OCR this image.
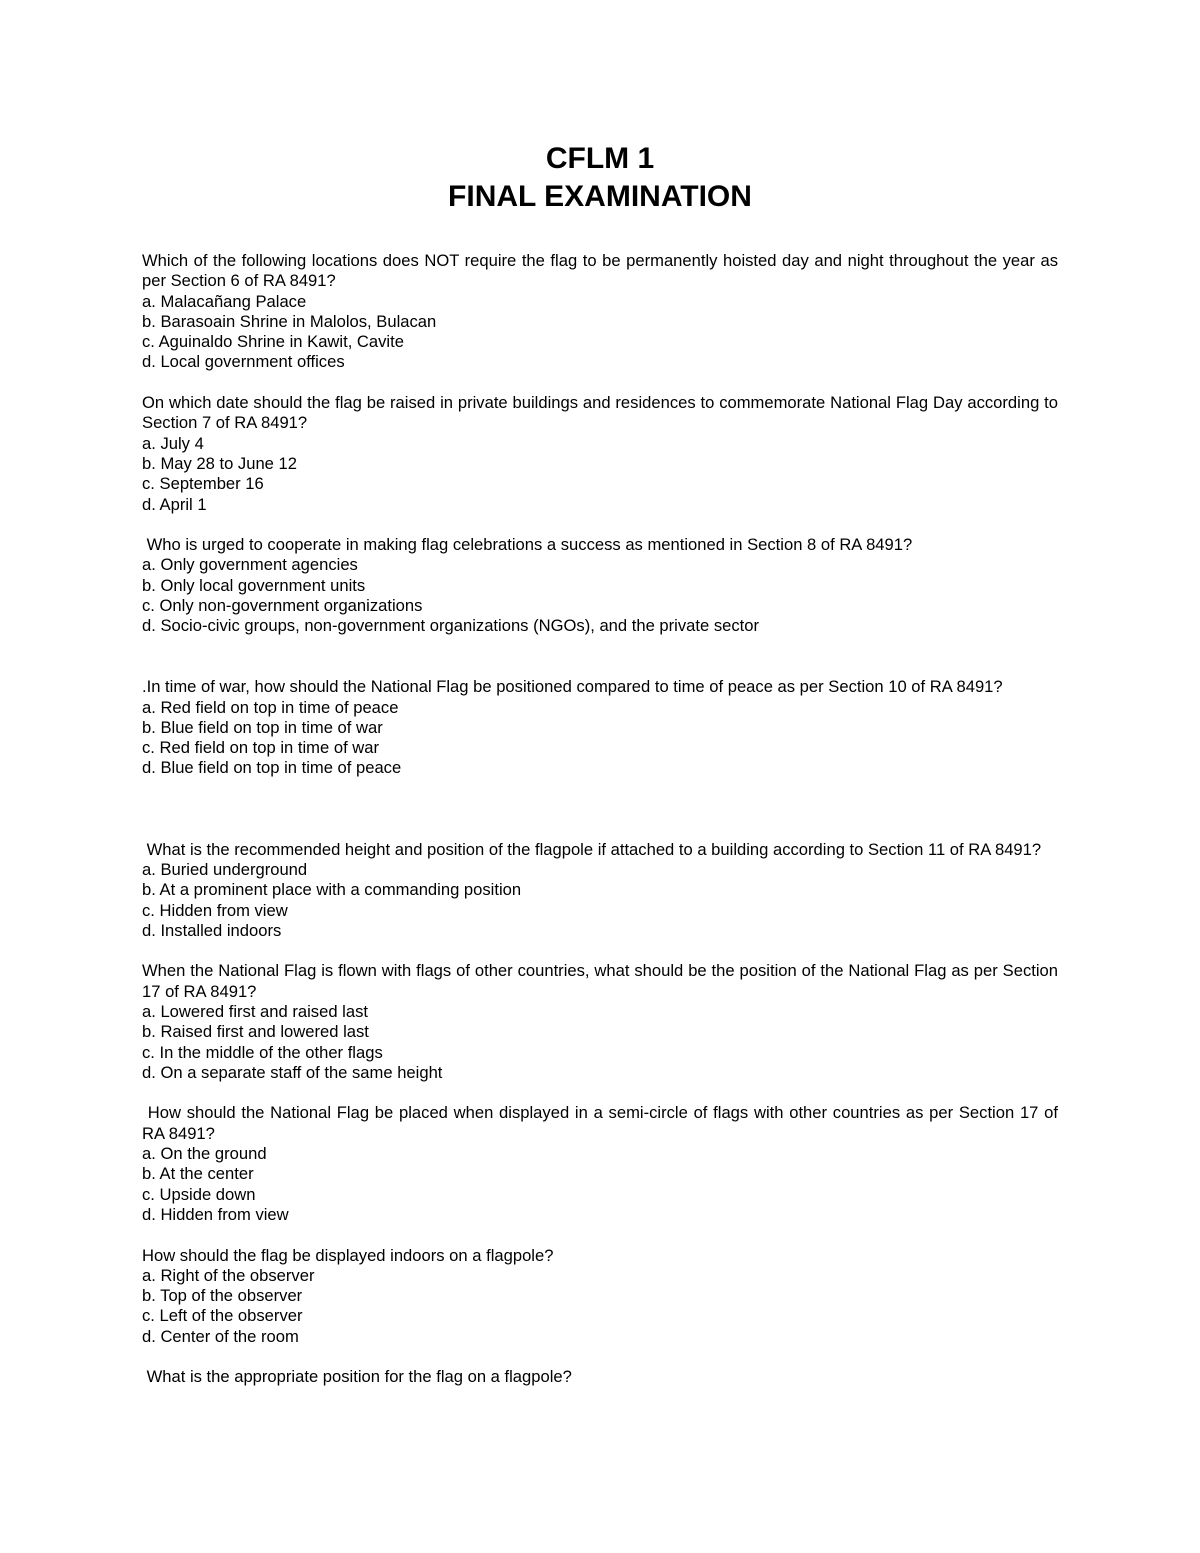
CFLM 1
FINAL EXAMINATION
Which of the following locations does NOT require the flag to be permanently hoisted day and night throughout the year as per Section 6 of RA 8491?
a. Malacañang Palace
b. Barasoain Shrine in Malolos, Bulacan
c. Aguinaldo Shrine in Kawit, Cavite
d. Local government offices
On which date should the flag be raised in private buildings and residences to commemorate National Flag Day according to Section 7 of RA 8491?
a. July 4
b. May 28 to June 12
c. September 16
d. April 1
Who is urged to cooperate in making flag celebrations a success as mentioned in Section 8 of RA 8491?
a. Only government agencies
b. Only local government units
c. Only non-government organizations
d. Socio-civic groups, non-government organizations (NGOs), and the private sector
.In time of war, how should the National Flag be positioned compared to time of peace as per Section 10 of RA 8491?
a. Red field on top in time of peace
b. Blue field on top in time of war
c. Red field on top in time of war
d. Blue field on top in time of peace
What is the recommended height and position of the flagpole if attached to a building according to Section 11 of RA 8491?
a. Buried underground
b. At a prominent place with a commanding position
c. Hidden from view
d. Installed indoors
When the National Flag is flown with flags of other countries, what should be the position of the National Flag as per Section 17 of RA 8491?
a. Lowered first and raised last
b. Raised first and lowered last
c. In the middle of the other flags
d. On a separate staff of the same height
How should the National Flag be placed when displayed in a semi-circle of flags with other countries as per Section 17 of RA 8491?
a. On the ground
b. At the center
c. Upside down
d. Hidden from view
How should the flag be displayed indoors on a flagpole?
a. Right of the observer
b. Top of the observer
c. Left of the observer
d. Center of the room
What is the appropriate position for the flag on a flagpole?
